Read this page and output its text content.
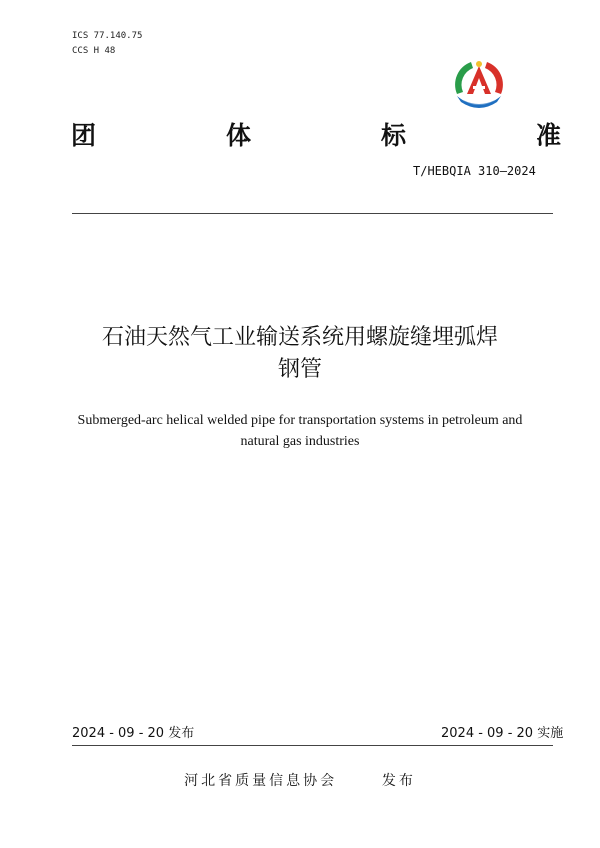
ICS 77.140.75
CCS H 48
团	体	标	准
T/HEBQIA 310—2024
石油天然气工业输送系统用螺旋缝埋弧焊
钢管
Submerged-arc helical welded pipe for transportation systems in petroleum and
natural gas industries
2024 - 09 - 20 发布	2024 - 09 - 20 实施
河北省质量信息协会      发布
